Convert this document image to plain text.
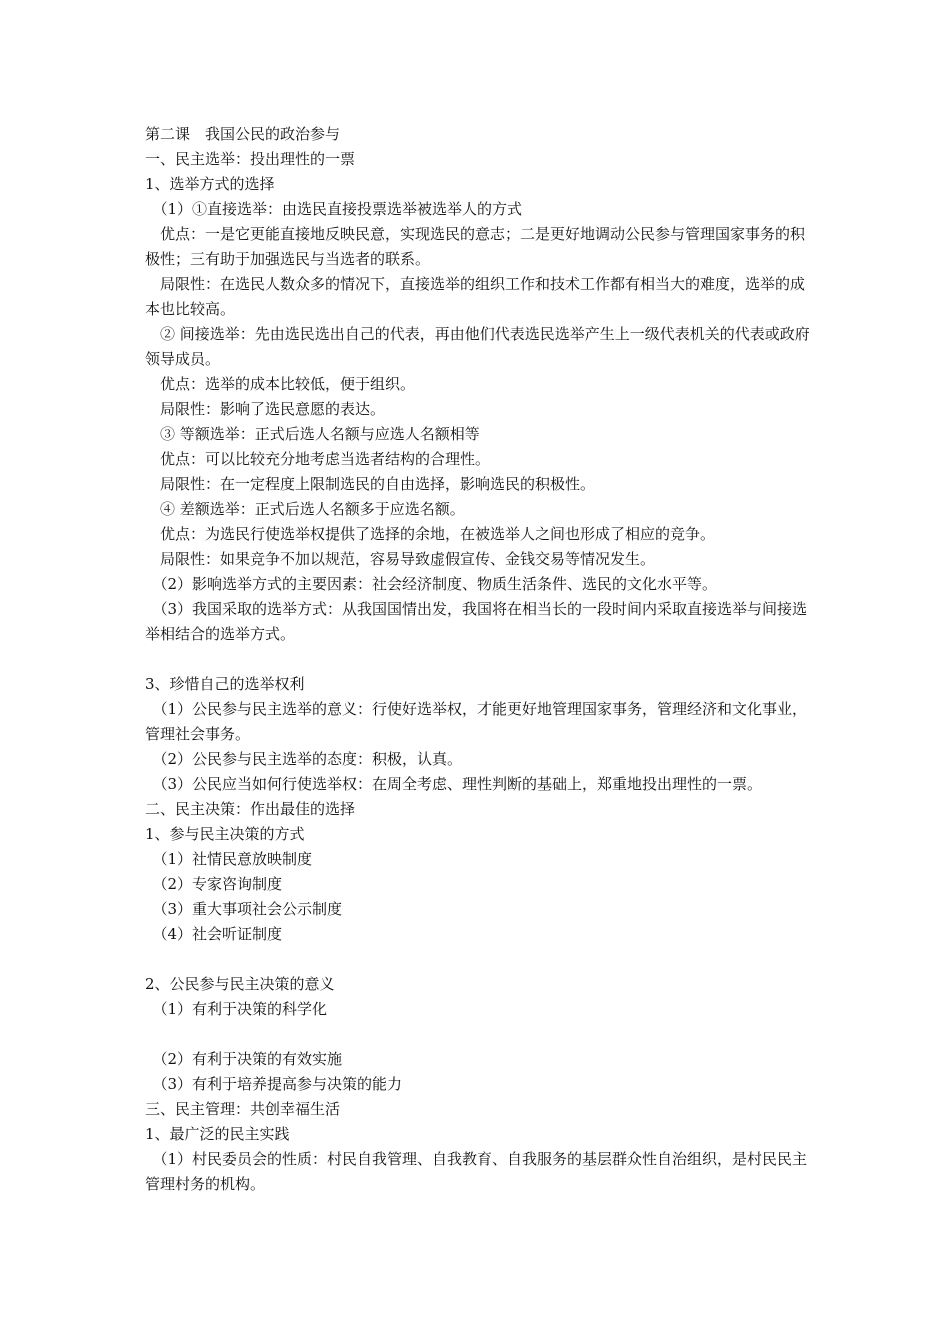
第二课　我国公民的政治参与
一、民主选举：投出理性的一票
1、选举方式的选择
　（1）①直接选举：由选民直接投票选举被选举人的方式
　优点：一是它更能直接地反映民意，实现选民的意志；二是更好地调动公民参与管理国家事务的积极性；三有助于加强选民与当选者的联系。
　局限性：在选民人数众多的情况下，直接选举的组织工作和技术工作都有相当大的难度，选举的成本也比较高。
　② 间接选举：先由选民选出自己的代表，再由他们代表选民选举产生上一级代表机关的代表或政府领导成员。
　优点：选举的成本比较低，便于组织。
　局限性：影响了选民意愿的表达。
　③ 等额选举：正式后选人名额与应选人名额相等
　优点：可以比较充分地考虑当选者结构的合理性。
　局限性：在一定程度上限制选民的自由选择，影响选民的积极性。
　④ 差额选举：正式后选人名额多于应选名额。
　优点：为选民行使选举权提供了选择的余地，在被选举人之间也形成了相应的竞争。
　局限性：如果竞争不加以规范，容易导致虚假宣传、金钱交易等情况发生。
　（2）影响选举方式的主要因素：社会经济制度、物质生活条件、选民的文化水平等。
　（3）我国采取的选举方式：从我国国情出发，我国将在相当长的一段时间内采取直接选举与间接选举相结合的选举方式。
3、珍惜自己的选举权利
　（1）公民参与民主选举的意义：行使好选举权，才能更好地管理国家事务，管理经济和文化事业，管理社会事务。
　（2）公民参与民主选举的态度：积极，认真。
　（3）公民应当如何行使选举权：在周全考虑、理性判断的基础上，郑重地投出理性的一票。
二、民主决策：作出最佳的选择
1、参与民主决策的方式
　（1）社情民意放映制度
　（2）专家咨询制度
　（3）重大事项社会公示制度
　（4）社会听证制度
2、公民参与民主决策的意义
　（1）有利于决策的科学化
　（2）有利于决策的有效实施
　（3）有利于培养提高参与决策的能力
三、民主管理：共创幸福生活
1、最广泛的民主实践
　（1）村民委员会的性质：村民自我管理、自我教育、自我服务的基层群众性自治组织，是村民民主管理村务的机构。
